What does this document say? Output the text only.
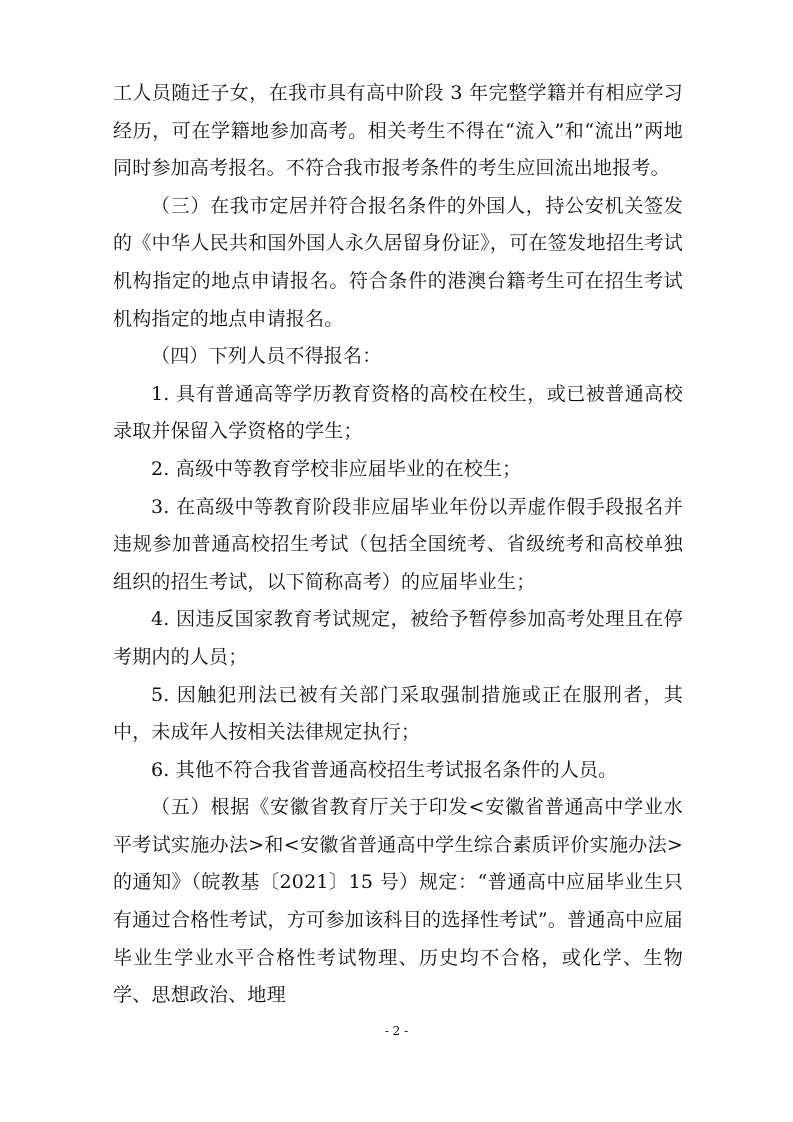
工人员随迁子女，在我市具有高中阶段 3 年完整学籍并有相应学习经历，可在学籍地参加高考。相关考生不得在“流入”和“流出”两地同时参加高考报名。不符合我市报考条件的考生应回流出地报考。

（三）在我市定居并符合报名条件的外国人，持公安机关签发的《中华人民共和国外国人永久居留身份证》，可在签发地招生考试机构指定的地点申请报名。符合条件的港澳台籍考生可在招生考试机构指定的地点申请报名。

（四）下列人员不得报名：

1. 具有普通高等学历教育资格的高校在校生，或已被普通高校录取并保留入学资格的学生；

2. 高级中等教育学校非应届毕业的在校生；

3. 在高级中等教育阶段非应届毕业年份以弄虚作假手段报名并违规参加普通高校招生考试（包括全国统考、省级统考和高校单独组织的招生考试，以下简称高考）的应届毕业生；

4. 因违反国家教育考试规定，被给予暂停参加高考处理且在停考期内的人员；

5. 因触犯刑法已被有关部门采取强制措施或正在服刑者，其中，未成年人按相关法律规定执行；

6. 其他不符合我省普通高校招生考试报名条件的人员。

（五）根据《安徽省教育厅关于印发<安徽省普通高中学业水平考试实施办法>和<安徽省普通高中学生综合素质评价实施办法>的通知》（皖教基〔2021〕15 号）规定：“普通高中应届毕业生只有通过合格性考试，方可参加该科目的选择性考试”。普通高中应届毕业生学业水平合格性考试物理、历史均不合格，或化学、生物学、思想政治、地理

- 2 -
